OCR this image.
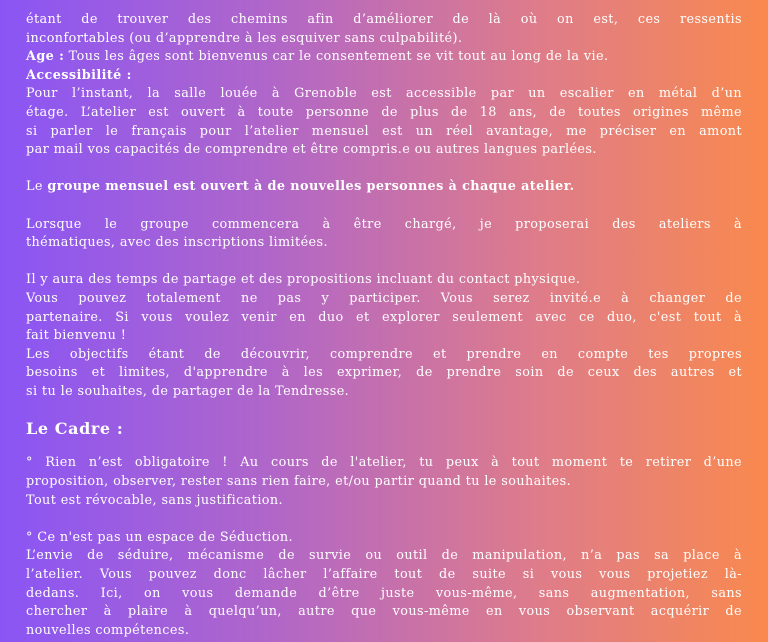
étant de trouver des chemins afin d’améliorer de là où on est, ces ressentis
inconfortables (ou d’apprendre à les esquiver sans culpabilité).
Age : Tous les âges sont bienvenus car le consentement se vit tout au long de la vie.
Accessibilité :
Pour l’instant, la salle louée à Grenoble est accessible par un escalier en métal d’un
étage. L’atelier est ouvert à toute personne de plus de 18 ans, de toutes origines même
si parler le français pour l’atelier mensuel est un réel avantage, me préciser en amont
par mail vos capacités de comprendre et être compris.e ou autres langues parlées.
Le groupe mensuel est ouvert à de nouvelles personnes à chaque atelier.
Lorsque le groupe commencera à être chargé, je proposerai des ateliers à
thématiques, avec des inscriptions limitées.
Il y aura des temps de partage et des propositions incluant du contact physique.
Vous pouvez totalement ne pas y participer. Vous serez invité.e à changer de
partenaire. Si vous voulez venir en duo et explorer seulement avec ce duo, c'est tout à
fait bienvenu !
Les objectifs étant de découvrir, comprendre et prendre en compte tes propres
besoins et limites, d'apprendre à les exprimer, de prendre soin de ceux des autres et
si tu le souhaites, de partager de la Tendresse.
Le Cadre :
° Rien n’est obligatoire ! Au cours de l'atelier, tu peux à tout moment te retirer d’une
proposition, observer, rester sans rien faire, et/ou partir quand tu le souhaites.
Tout est révocable, sans justification.
° Ce n'est pas un espace de Séduction.
L’envie de séduire, mécanisme de survie ou outil de manipulation, n’a pas sa place à
l’atelier. Vous pouvez donc lâcher l’affaire tout de suite si vous vous projetiez là-
dedans. Ici, on vous demande d’être juste vous-même, sans augmentation, sans
chercher à plaire à quelqu’un, autre que vous-même en vous observant acquérir de
nouvelles compétences.
